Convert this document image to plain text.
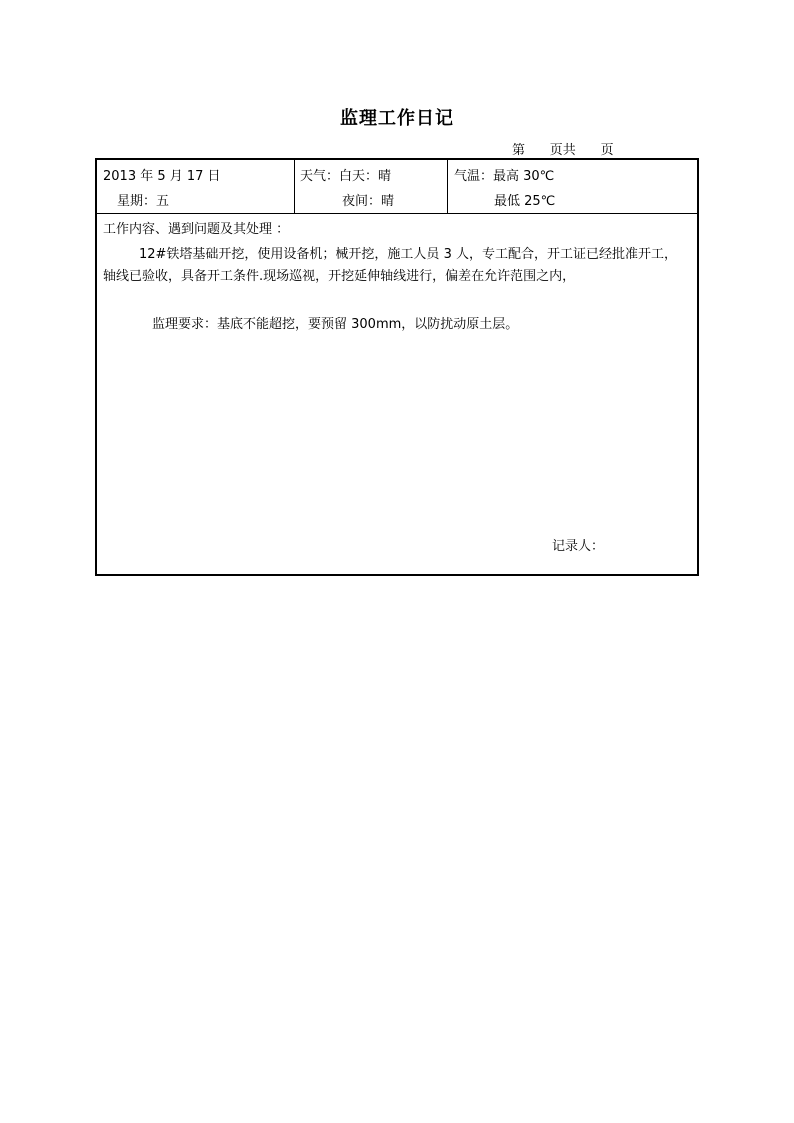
监理工作日记
第      页共      页
2013 年 5 月 17 日
星期：五
天气：白天：晴
夜间：晴
气温：最高 30℃
最低 25℃
工作内容、遇到问题及其处理 ：
12#铁塔基础开挖，使用设备机；械开挖，施工人员 3 人，专工配合，开工证已经批准开工，
轴线已验收，具备开工条件.现场巡视，开挖延伸轴线进行，偏差在允许范围之内，
监理要求：基底不能超挖，要预留 300mm，以防扰动原土层。
记录人：
